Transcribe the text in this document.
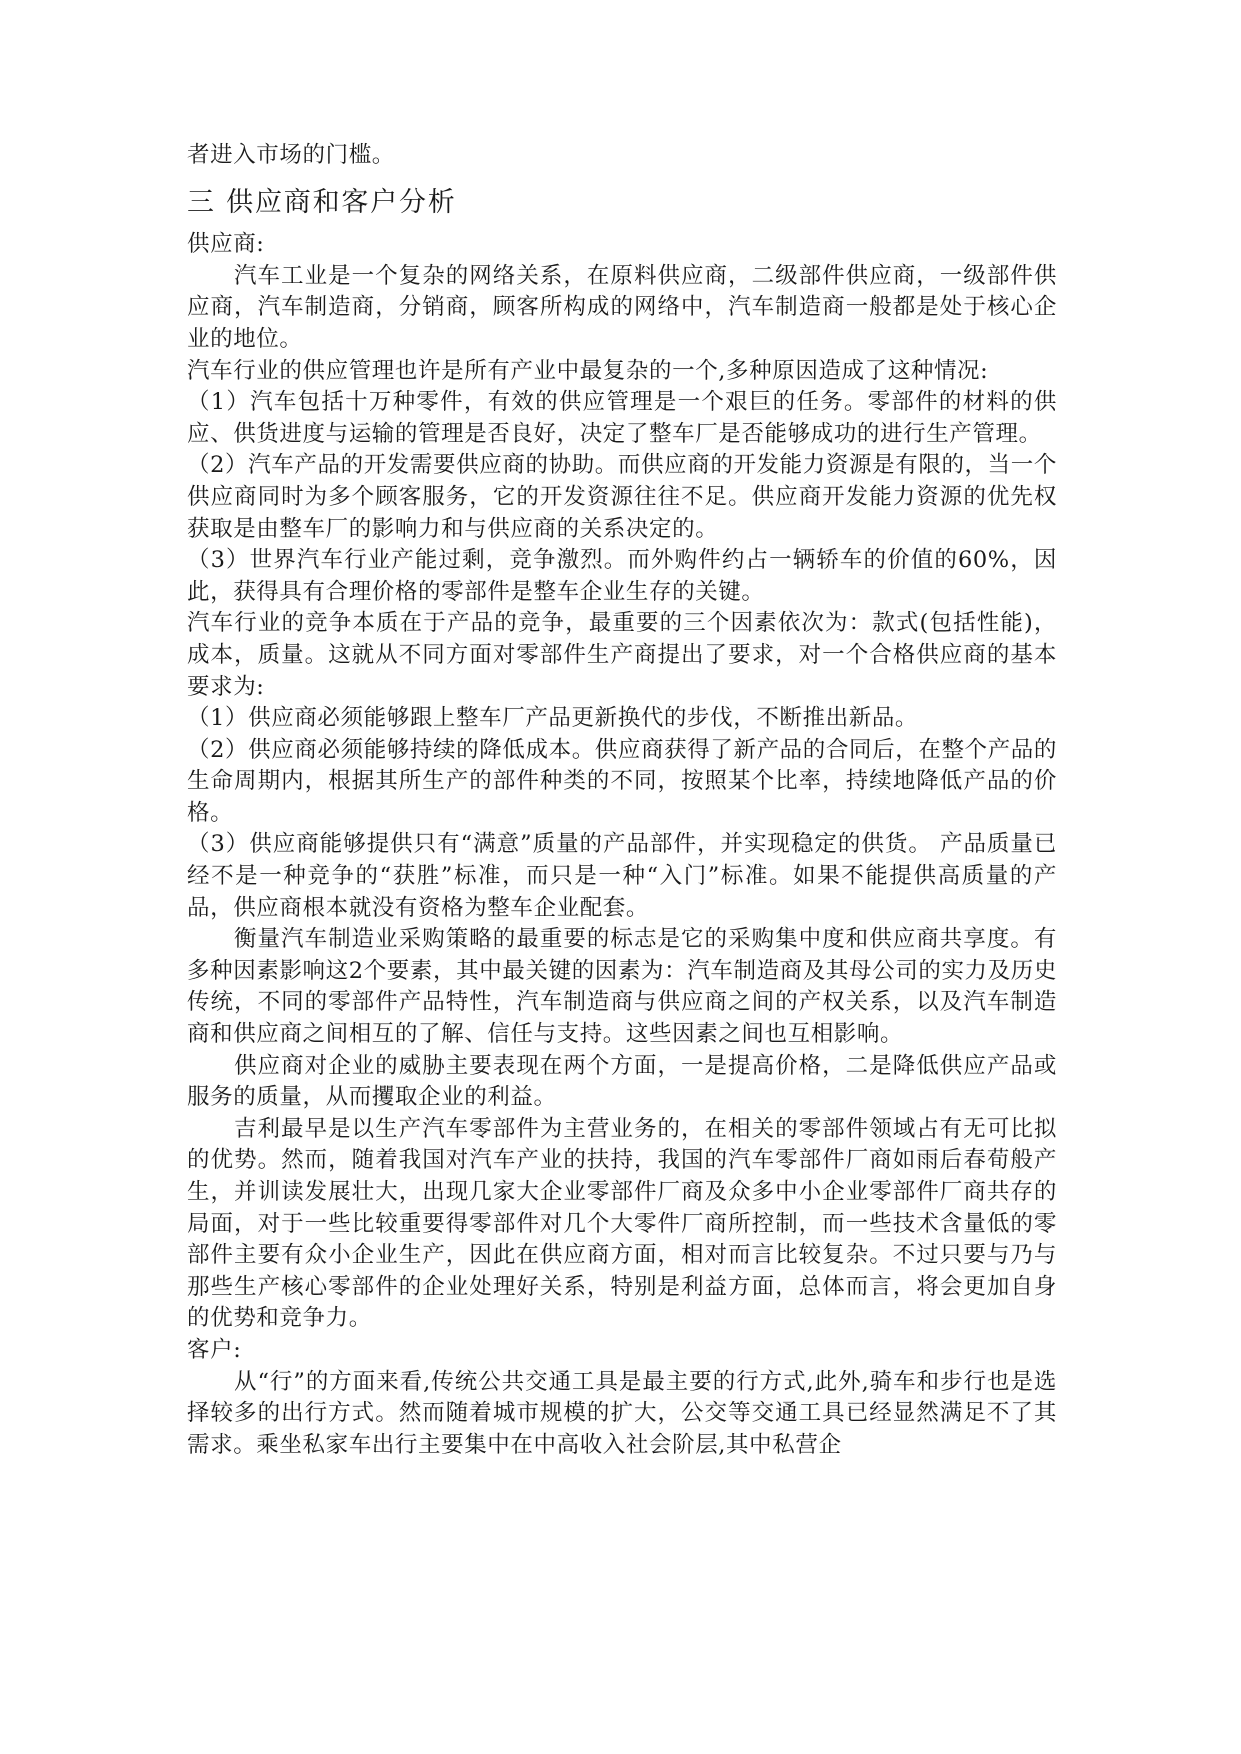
者进入市场的门槛。

三 供应商和客户分析

供应商:

汽车工业是一个复杂的网络关系，在原料供应商，二级部件供应商，一级部件供应商，汽车制造商，分销商，顾客所构成的网络中，汽车制造商一般都是处于核心企业的地位。

汽车行业的供应管理也许是所有产业中最复杂的一个,多种原因造成了这种情况:

（1）汽车包括十万种零件，有效的供应管理是一个艰巨的任务。零部件的材料的供应、供货进度与运输的管理是否良好，决定了整车厂是否能够成功的进行生产管理。

（2）汽车产品的开发需要供应商的协助。而供应商的开发能力资源是有限的，当一个供应商同时为多个顾客服务，它的开发资源往往不足。供应商开发能力资源的优先权获取是由整车厂的影响力和与供应商的关系决定的。

（3）世界汽车行业产能过剩，竞争激烈。而外购件约占一辆轿车的价值的60%，因此，获得具有合理价格的零部件是整车企业生存的关键。

汽车行业的竞争本质在于产品的竞争，最重要的三个因素依次为：款式(包括性能)，成本，质量。这就从不同方面对零部件生产商提出了要求，对一个合格供应商的基本要求为:

（1）供应商必须能够跟上整车厂产品更新换代的步伐，不断推出新品。

（2）供应商必须能够持续的降低成本。供应商获得了新产品的合同后，在整个产品的生命周期内，根据其所生产的部件种类的不同，按照某个比率，持续地降低产品的价格。

（3）供应商能够提供只有“满意”质量的产品部件，并实现稳定的供货。 产品质量已经不是一种竞争的“获胜”标准，而只是一种“入门”标准。如果不能提供高质量的产品，供应商根本就没有资格为整车企业配套。

衡量汽车制造业采购策略的最重要的标志是它的采购集中度和供应商共享度。有多种因素影响这2个要素，其中最关键的因素为：汽车制造商及其母公司的实力及历史传统，不同的零部件产品特性，汽车制造商与供应商之间的产权关系，以及汽车制造商和供应商之间相互的了解、信任与支持。这些因素之间也互相影响。

供应商对企业的威胁主要表现在两个方面，一是提高价格，二是降低供应产品或服务的质量，从而攫取企业的利益。

吉利最早是以生产汽车零部件为主营业务的，在相关的零部件领域占有无可比拟的优势。然而，随着我国对汽车产业的扶持，我国的汽车零部件厂商如雨后春荀般产生，并训读发展壮大，出现几家大企业零部件厂商及众多中小企业零部件厂商共存的局面，对于一些比较重要得零部件对几个大零件厂商所控制，而一些技术含量低的零部件主要有众小企业生产，因此在供应商方面，相对而言比较复杂。不过只要与乃与那些生产核心零部件的企业处理好关系，特别是利益方面，总体而言，将会更加自身的优势和竞争力。

客户:

从“行”的方面来看,传统公共交通工具是最主要的行方式,此外,骑车和步行也是选择较多的出行方式。然而随着城市规模的扩大，公交等交通工具已经显然满足不了其需求。乘坐私家车出行主要集中在中高收入社会阶层,其中私营企
